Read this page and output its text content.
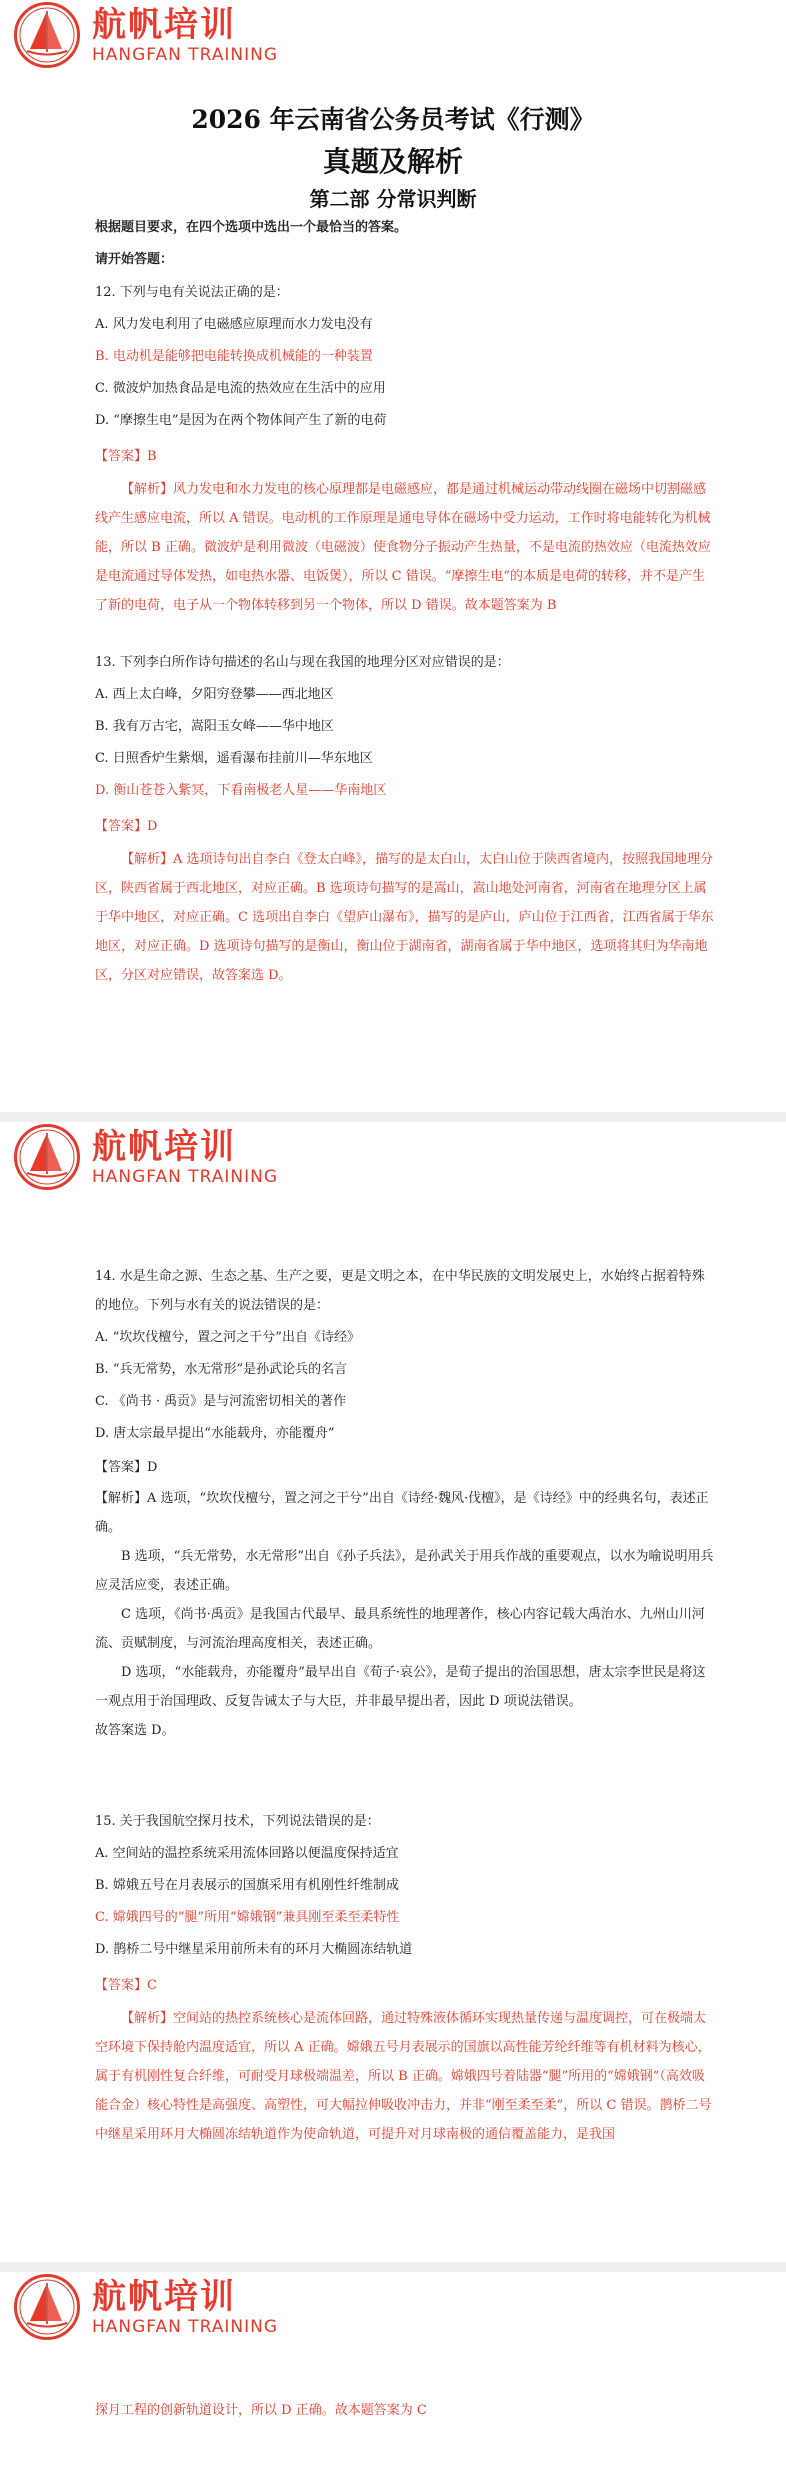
航帆培训
HANGFAN TRAINING
2026 年云南省公务员考试《行测》
真题及解析
第二部 分常识判断
根据题目要求，在四个选项中选出一个最恰当的答案。
请开始答题：
12. 下列与电有关说法正确的是：
A. 风力发电利用了电磁感应原理而水力发电没有
B. 电动机是能够把电能转换成机械能的一种装置
C. 微波炉加热食品是电流的热效应在生活中的应用
D. “摩擦生电”是因为在两个物体间产生了新的电荷
【答案】B
【解析】风力发电和水力发电的核心原理都是电磁感应，都是通过机械运动带动线圈在磁场中切割磁感线产生感应电流，所以 A 错误。电动机的工作原理是通电导体在磁场中受力运动，工作时将电能转化为机械能，所以 B 正确。微波炉是利用微波（电磁波）使食物分子振动产生热量，不是电流的热效应（电流热效应是电流通过导体发热，如电热水器、电饭煲），所以 C 错误。“摩擦生电”的本质是电荷的转移，并不是产生了新的电荷，电子从一个物体转移到另一个物体，所以 D 错误。故本题答案为 B
13. 下列李白所作诗句描述的名山与现在我国的地理分区对应错误的是：
A. 西上太白峰，夕阳穷登攀——西北地区
B. 我有万古宅，嵩阳玉女峰——华中地区
C. 日照香炉生紫烟，遥看瀑布挂前川—华东地区
D. 衡山苍苍入紫冥，下看南极老人星——华南地区
【答案】D
【解析】A 选项诗句出自李白《登太白峰》，描写的是太白山，太白山位于陕西省境内，按照我国地理分区，陕西省属于西北地区，对应正确。B 选项诗句描写的是嵩山，嵩山地处河南省，河南省在地理分区上属于华中地区，对应正确。C 选项出自李白《望庐山瀑布》，描写的是庐山，庐山位于江西省，江西省属于华东地区，对应正确。D 选项诗句描写的是衡山，衡山位于湖南省，湖南省属于华中地区，选项将其归为华南地区，分区对应错误，故答案选 D。
航帆培训
HANGFAN TRAINING
14. 水是生命之源、生态之基、生产之要，更是文明之本，在中华民族的文明发展史上，水始终占据着特殊的地位。下列与水有关的说法错误的是：
A. “坎坎伐檀兮，置之河之干兮”出自《诗经》
B. “兵无常势，水无常形”是孙武论兵的名言
C. 《尚书 · 禹贡》是与河流密切相关的著作
D. 唐太宗最早提出“水能载舟，亦能覆舟”
【答案】D
【解析】A 选项，“坎坎伐檀兮，置之河之干兮”出自《诗经·魏风·伐檀》，是《诗经》中的经典名句，表述正确。
B 选项，“兵无常势，水无常形”出自《孙子兵法》，是孙武关于用兵作战的重要观点，以水为喻说明用兵应灵活应变，表述正确。
C 选项，《尚书·禹贡》是我国古代最早、最具系统性的地理著作，核心内容记载大禹治水、九州山川河流、贡赋制度，与河流治理高度相关，表述正确。
D 选项，“水能载舟，亦能覆舟”最早出自《荀子·哀公》，是荀子提出的治国思想，唐太宗李世民是将这一观点用于治国理政、反复告诫太子与大臣，并非最早提出者，因此 D 项说法错误。
故答案选 D。
15. 关于我国航空探月技术，下列说法错误的是：
A. 空间站的温控系统采用流体回路以便温度保持适宜
B. 嫦娥五号在月表展示的国旗采用有机刚性纤维制成
C. 嫦娥四号的“腿”所用“嫦娥钢”兼具刚至柔至柔特性
D. 鹊桥二号中继星采用前所未有的环月大椭圆冻结轨道
【答案】C
【解析】空间站的热控系统核心是流体回路，通过特殊液体循环实现热量传递与温度调控，可在极端太空环境下保持舱内温度适宜，所以 A 正确。嫦娥五号月表展示的国旗以高性能芳纶纤维等有机材料为核心，属于有机刚性复合纤维，可耐受月球极端温差，所以 B 正确。嫦娥四号着陆器“腿”所用的“嫦娥钢”（高效吸能合金）核心特性是高强度、高塑性，可大幅拉伸吸收冲击力，并非“刚至柔至柔”，所以 C 错误。鹊桥二号中继星采用环月大椭圆冻结轨道作为使命轨道，可提升对月球南极的通信覆盖能力，是我国
航帆培训
HANGFAN TRAINING
探月工程的创新轨道设计，所以 D 正确。故本题答案为 C
